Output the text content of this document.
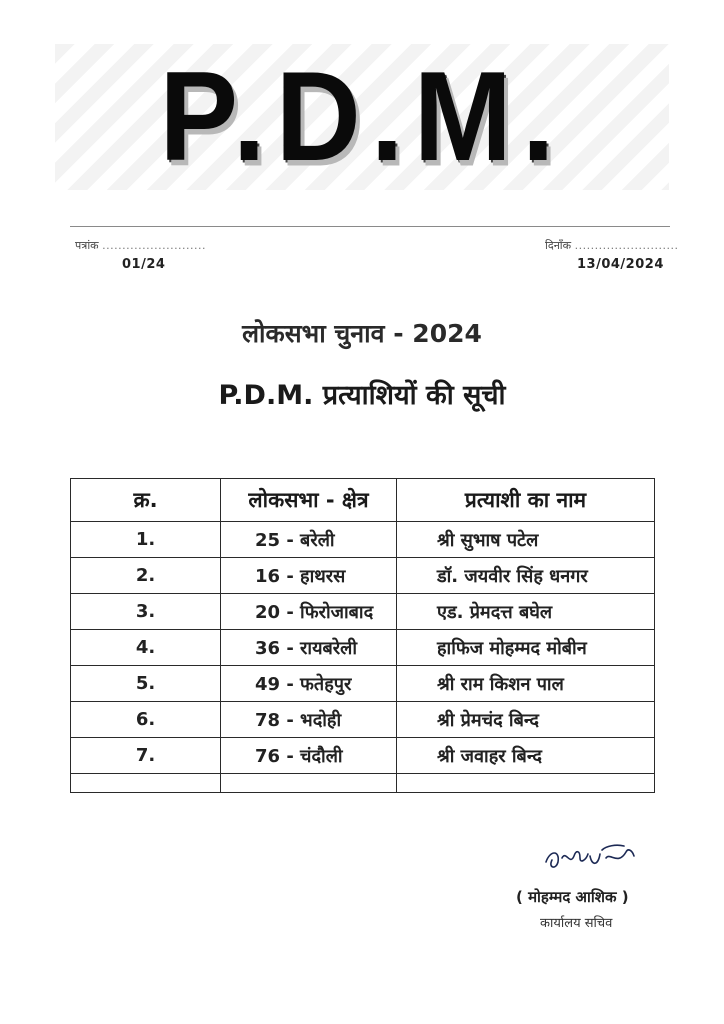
P.D.M.
पत्रांक ..........................
01/24
दिनाँक ..........................
13/04/2024
लोकसभा चुनाव - 2024
P.D.M. प्रत्याशियों की सूची
क्र.	लोकसभा - क्षेत्र	प्रत्याशी का नाम
1.	25 - बरेली	श्री सुभाष पटेल
2.	16 - हाथरस	डॉ. जयवीर सिंह धनगर
3.	20 - फिरोजाबाद	एड. प्रेमदत्त बघेल
4.	36 - रायबरेली	हाफिज मोहम्मद मोबीन
5.	49 - फतेहपुर	श्री राम किशन पाल
6.	78 - भदोही	श्री प्रेमचंद बिन्द
7.	76 - चंदौली	श्री जवाहर बिन्द

( मोहम्मद आशिक )
कार्यालय सचिव
